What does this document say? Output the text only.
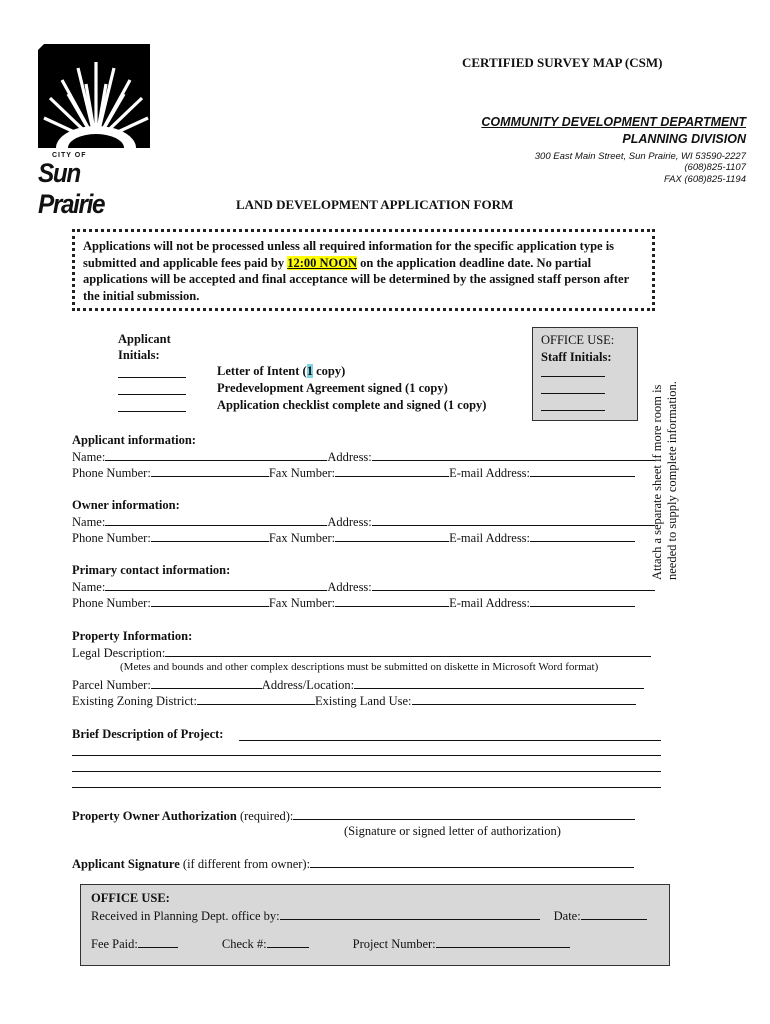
CITY OF
Sun Prairie
CERTIFIED SURVEY MAP (CSM)
COMMUNITY DEVELOPMENT DEPARTMENT
PLANNING DIVISION
300 East Main Street, Sun Prairie, WI 53590-2227
(608)825-1107
FAX (608)825-1194
LAND DEVELOPMENT APPLICATION FORM
Applications will not be processed unless all required information for the specific application type is submitted and applicable fees paid by 12:00 NOON on the application deadline date. No partial applications will be accepted and final acceptance will be determined by the assigned staff person after the initial submission.
Applicant
Initials:
Letter of Intent (1 copy)
Predevelopment Agreement signed (1 copy)
Application checklist complete and signed (1 copy)
OFFICE USE:
Staff Initials:
Applicant information:
Name:	Address:
Phone Number:	Fax Number:	E-mail Address:
Owner information:
Name:	Address:
Phone Number:	Fax Number:	E-mail Address:
Primary contact information:
Name:	Address:
Phone Number:	Fax Number:	E-mail Address:
Property Information:
Legal Description:
(Metes and bounds and other complex descriptions must be submitted on diskette in Microsoft Word format)
Parcel Number:	Address/Location:
Existing Zoning District:	Existing Land Use:
Attach a separate sheet if more room is needed to supply complete information.
Brief Description of Project:
Property Owner Authorization (required):
(Signature or signed letter of authorization)
Applicant Signature (if different from owner):
OFFICE USE:
Received in Planning Dept. office by:	Date:
Fee Paid:	Check #:	Project Number:
